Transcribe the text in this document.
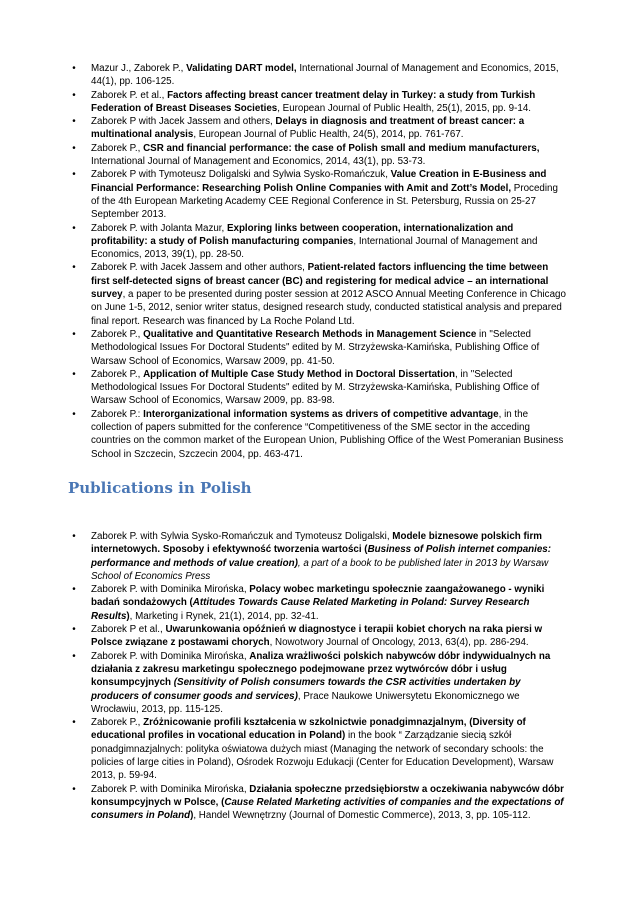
•	Mazur J., Zaborek P., Validating DART model, International Journal of Management and Economics, 2015, 44(1), pp. 106-125.
•	Zaborek P. et al., Factors affecting breast cancer treatment delay in Turkey: a study from Turkish Federation of Breast Diseases Societies, European Journal of Public Health, 25(1), 2015, pp. 9-14.
•	Zaborek P with Jacek Jassem and others, Delays in diagnosis and treatment of breast cancer: a multinational analysis, European Journal of Public Health, 24(5), 2014, pp. 761-767.
•	Zaborek P., CSR and financial performance: the case of Polish small and medium manufacturers, International Journal of Management and Economics, 2014, 43(1), pp. 53-73.
•	Zaborek P with Tymoteusz Doligalski and Sylwia Sysko-Romańczuk, Value Creation in E-Business and Financial Performance: Researching Polish Online Companies with Amit and Zott’s Model, Proceding of the 4th European Marketing Academy CEE Regional Conference in St. Petersburg, Russia on 25-27 September 2013.
•	Zaborek P. with Jolanta Mazur, Exploring links between cooperation, internationalization and profitability: a study of Polish manufacturing companies, International Journal of Management and Economics, 2013, 39(1), pp. 28-50.
•	Zaborek P. with Jacek Jassem and other authors, Patient-related factors influencing the time between first self-detected signs of breast cancer (BC) and registering for medical advice – an international survey, a paper to be presented during poster session at 2012 ASCO Annual Meeting Conference in Chicago on June 1-5, 2012, senior writer status, designed research study, conducted statistical analysis and prepared final report. Research was financed by La Roche Poland Ltd.
•	Zaborek P., Qualitative and Quantitative Research Methods in Management Science in "Selected Methodological Issues For Doctoral Students" edited by M. Strzyżewska-Kamińska, Publishing Office of Warsaw School of Economics, Warsaw 2009, pp. 41-50.
•	Zaborek P., Application of Multiple Case Study Method in Doctoral Dissertation, in "Selected Methodological Issues For Doctoral Students" edited by M. Strzyżewska-Kamińska, Publishing Office of Warsaw School of Economics, Warsaw 2009, pp. 83-98.
•	Zaborek P.: Interorganizational information systems as drivers of competitive advantage, in the collection of papers submitted for the conference “Competitiveness of the SME sector in the acceding countries on the common market of the European Union, Publishing Office of the West Pomeranian Business School in Szczecin, Szczecin 2004, pp. 463-471.
Publications in Polish
•	Zaborek P. with Sylwia Sysko-Romańczuk and Tymoteusz Doligalski, Modele biznesowe polskich firm internetowych. Sposoby i efektywność tworzenia wartości (Business of Polish internet companies: performance and methods of value creation), a part of a book to be published later in 2013 by Warsaw School of Economics Press
•	Zaborek P. with Dominika Mirońska, Polacy wobec marketingu społecznie zaangażowanego - wyniki badań sondażowych (Attitudes Towards Cause Related Marketing in Poland: Survey Research Results), Marketing i Rynek, 21(1), 2014, pp. 32-41.
•	Zaborek P et al., Uwarunkowania opóźnień w diagnostyce i terapii kobiet chorych na raka piersi w Polsce związane z postawami chorych, Nowotwory Journal of Oncology, 2013, 63(4), pp. 286-294.
•	Zaborek P. with Dominika Mirońska, Analiza wrażliwości polskich nabywców dóbr indywidualnych na działania z zakresu marketingu społecznego podejmowane przez wytwórców dóbr i usług konsumpcyjnych (Sensitivity of Polish consumers towards the CSR activities undertaken by producers of consumer goods and services), Prace Naukowe Uniwersytetu Ekonomicznego we Wrocławiu, 2013, pp. 115-125.
•	Zaborek P., Zróżnicowanie profili kształcenia w szkolnictwie ponadgimnazjalnym, (Diversity of educational profiles in vocational education in Poland) in the book “ Zarządzanie siecią szkół ponadgimnazjalnych: polityka oświatowa dużych miast (Managing the network of secondary schools: the policies of large cities in Poland), Ośrodek Rozwoju Edukacji (Center for Education Development), Warsaw 2013, p. 59-94.
•	Zaborek P. with Dominika Mirońska, Działania społeczne przedsiębiorstw a oczekiwania nabywców dóbr konsumpcyjnych w Polsce, (Cause Related Marketing activities of companies and the expectations of consumers in Poland), Handel Wewnętrzny (Journal of Domestic Commerce), 2013, 3, pp. 105-112.
